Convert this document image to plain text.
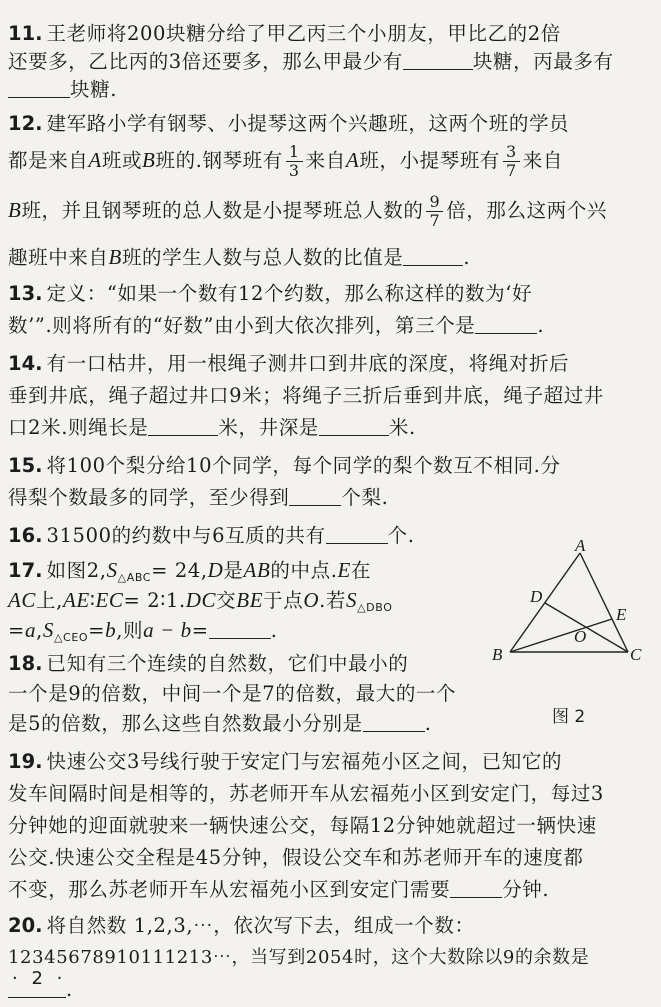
11. 王老师将200块糖分给了甲乙丙三个小朋友，甲比乙的2倍
还要多，乙比丙的3倍还要多，那么甲最少有	块糖，丙最多有
块糖.
12. 建军路小学有钢琴、小提琴这两个兴趣班，这两个班的学员
都是来自A班或B班的.钢琴班有 $\frac{1}{3}$ 来自A班，小提琴班有 $\frac{3}{7}$ 来自
B班，并且钢琴班的总人数是小提琴班总人数的 $\frac{9}{7}$ 倍，那么这两个兴
趣班中来自B班的学生人数与总人数的比值是	.
13. 定义：“如果一个数有12个约数，那么称这样的数为‘好
数’”.则将所有的“好数”由小到大依次排列，第三个是	.
14. 有一口枯井，用一根绳子测井口到井底的深度，将绳对折后
垂到井底，绳子超过井口9米；将绳子三折后垂到井底，绳子超过井
口2米.则绳长是	米，井深是	米.
15. 将100个梨分给10个同学，每个同学的梨个数互不相同.分
得梨个数最多的同学，至少得到	个梨.
16. 31500的约数中与6互质的共有	个.
17. 如图$2,S_{\triangle ABC}= 24,D$是AB的中点.E在
AC上,AE∶EC= 2∶1.DC交BE于点O.若$S_{\triangle DBO}$
$=a,S_{\triangle CEO}=b$,则a − b=	.
18. 已知有三个连续的自然数，它们中最小的
一个是9的倍数，中间一个是7的倍数，最大的一个
是5的倍数，那么这些自然数最小分别是	.
A
B	C
D
E
O
图 2
19. 快速公交3号线行驶于安定门与宏福苑小区之间，已知它的
发车间隔时间是相等的，苏老师开车从宏福苑小区到安定门，每过3
分钟她的迎面就驶来一辆快速公交，每隔12分钟她就超过一辆快速
公交.快速公交全程是45分钟，假设公交车和苏老师开车的速度都
不变，那么苏老师开车从宏福苑小区到安定门需要	分钟.
20. 将自然数 1,2,3,⋯，依次写下去，组成一个数：
12345678910111213⋯，当写到2054时，这个大数除以9的余数是
.
· 2 ·
